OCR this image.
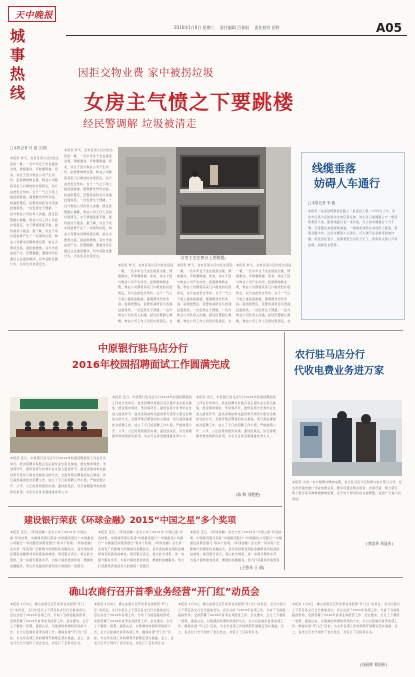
天中晚报
城事热线
2016年1月6日 星期三 责任编辑 吕春阳 责任校对 田野	A05
因拒交物业费 家中被拐垃圾
女房主气愤之下要跳楼
经民警调解 垃圾被清走
□本报记者 吕 超 文/图
本报讯 昨天，在市区某小区内发生惊险一幕，一名中年女子坐在楼顶边缘，情绪激动，声称要跳楼。原来，该女子因与物业公司产生纠纷，拒绝缴纳物业费，物业公司便将其家门口堆放的垃圾拐走，双方由此发生争执。女子一气之下爬上楼顶欲跳楼，围观群众纷纷劝说。接到报警后，民警和消防官兵迅速赶到现场，一边安抚女子情绪，一边与物业公司负责人沟通。经过民警耐心调解，物业公司工作人员将垃圾清走，女子情绪逐渐平稳，最终被劝下楼顶。据了解，该女子家中因装修产生了一些建筑垃圾，物业公司要求其缴纳清运费，她认为费用过高，遂拒绝缴纳，双方矛盾由此产生。民警提醒，遇到纠纷应通过合法途径解决，切勿采取过激行为，以免危及自身安全。
本报讯 昨天，在市区某小区内发生惊险一幕，一名中年女子坐在楼顶边缘，情绪激动，声称要跳楼。原来，该女子因与物业公司产生纠纷，拒绝缴纳物业费，物业公司便将其家门口堆放的垃圾拐走，双方由此发生争执。女子一气之下爬上楼顶欲跳楼，围观群众纷纷劝说。接到报警后，民警和消防官兵迅速赶到现场，一边安抚女子情绪，一边与物业公司负责人沟通。经过民警耐心调解，物业公司工作人员将垃圾清走，女子情绪逐渐平稳，最终被劝下楼顶。据了解，该女子家中因装修产生了一些建筑垃圾，物业公司要求其缴纳清运费，她认为费用过高，遂拒绝缴纳，双方矛盾由此产生。民警提醒，遇到纠纷应通过合法途径解决，切勿采取过激行为，以免危及自身安全。	女房主坐在窗台上要跳楼。
本报讯 昨天，在市区某小区内发生惊险一幕，一名中年女子坐在楼顶边缘，情绪激动，声称要跳楼。原来，该女子因与物业公司产生纠纷，拒绝缴纳物业费，物业公司便将其家门口堆放的垃圾拐走，双方由此发生争执。女子一气之下爬上楼顶欲跳楼，围观群众纷纷劝说。接到报警后，民警和消防官兵迅速赶到现场，一边安抚女子情绪，一边与物业公司负责人沟通。经过民警耐心调解，物业公司工作人员将垃圾清走，女
本报讯 昨天，在市区某小区内发生惊险一幕，一名中年女子坐在楼顶边缘，情绪激动，声称要跳楼。原来，该女子因与物业公司产生纠纷，拒绝缴纳物业费，物业公司便将其家门口堆放的垃圾拐走，双方由此发生争执。女子一气之下爬上楼顶欲跳楼，围观群众纷纷劝说。接到报警后，民警和消防官兵迅速赶到现场，一边安抚女子情绪，一边与物业公司负责人沟通。经过民警耐心调解，物业公司工作人员将垃圾清走，女
本报讯 昨天，在市区某小区内发生惊险一幕，一名中年女子坐在楼顶边缘，情绪激动，声称要跳楼。原来，该女子因与物业公司产生纠纷，拒绝缴纳物业费，物业公司便将其家门口堆放的垃圾拐走，双方由此发生争执。女子一气之下爬上楼顶欲跳楼，围观群众纷纷劝说。接到报警后，民警和消防官兵迅速赶到现场，一边安抚女子情绪，一边与物业公司负责人沟通。经过民警耐心调解，物业公司工作人员将垃圾清走，女
线缆垂落
妨碍人车通行
□本报记者 李 鑫
本报讯 “这条线缆垂落在路上一直没有人管。”1月5日上午，家住市区某小区的杨先生向记者反映，该小区门前道路上方一根线缆垂落下来，距离地面只有一米多高，行人和车辆通行十分不便。记者随后来到现场看到，一根黑色线缆从电线杆上脱落，垂落在路中央，过往车辆需小心绕行，行人稍不注意就可能被绊倒。附近居民表示，线缆垂落已有好几天了，希望有关部门尽快处理，消除安全隐患。
中原银行驻马店分行
2016年校园招聘面试工作圆满完成
本报讯 近日，中原银行驻马店分行2016年校园招聘面试工作在行内举行。此次招聘共有数百名应届毕业生报名参加，经过网申筛选、笔试等环节，最终有部分优秀毕业生进入面试环节。面试采取结构化面试和无领导小组讨论相结合的方式，全面考察应聘者的综合素质。该行高度重视此次招聘工作，成立了专门的招聘工作小组，严格按照公开、公平、公正的原则组织实施。面试结束后，该行将根据考核结果择优录用，为全行业务发展储备优秀人才。
本报讯 近日，中原银行驻马店分行2016年校园招聘面试工作在行内举行。此次招聘共有数百名应届毕业生报名参加，经过网申筛选、笔试等环节，最终有部分优秀毕业生进入面试环节。面试采取结构化面试和无领导小组讨论相结合的方式，全面考察应聘者的综合素质。该行高度重视此次招聘工作，成立了专门的招聘工作小组，严格按照公开、公平、公正的原则组织实施。面试结束后，该行将根据考核结果择优录用，为全行业务发展储备优秀人才。
本报讯 近日，中原银行驻马店分行2016年校园招聘面试工作在行内举行。此次招聘共有数百名应届毕业生报名参加，经过网申筛选、笔试等环节，最终有部分优秀毕业生进入面试环节。面试采取结构化面试和无领导小组讨论相结合的方式，全面考察应聘者的综合素质。该行高度重视此次招聘工作，成立了专门的招聘工作小组，严格按照公开、公平、公正的原则组织实施。面试结束后，该行将根据考核结果择优录用，为全行业务发展储备优秀人才。
(陈 辉 刘艳艳)
农行驻马店分行
代收电费业务进万家
本报讯 为进一步方便群众缴纳电费，农行驻马店分行积极与电力部门合作，在全市范围内推广代收电费业务，群众可通过网点柜台、自助设备、网上银行、掌上银行等多种渠道缴纳电费，足不出户即可轻松完成缴费，受到广大客户的欢迎。
(李国华 刘显庆)
建设银行荣获《环球金融》2015“中国之星”多个奖项
本报讯 近日，《环球金融》杂志公布了2015年“中国之星”评选结果，中国建设银行荣获“中国最佳银行”“中国最佳公司银行”“中国最佳消费者银行”等多个奖项。《环球金融》杂志是一家具有广泛影响力的国际性金融杂志，其评选结果在国际金融界具有较高的权威性。建设银行表示，将以此为契机，进一步提升服务水平，为客户提供更加优质、便捷的金融服务，努力打造最具价值创造力的国际一流银行。
本报讯 近日，《环球金融》杂志公布了2015年“中国之星”评选结果，中国建设银行荣获“中国最佳银行”“中国最佳公司银行”“中国最佳消费者银行”等多个奖项。《环球金融》杂志是一家具有广泛影响力的国际性金融杂志，其评选结果在国际金融界具有较高的权威性。建设银行表示，将以此为契机，进一步提升服务水平，为客户提供更加优质、便捷的金融服务，努力打造最具价值创造力的国际一流银行。
本报讯 近日，《环球金融》杂志公布了2015年“中国之星”评选结果，中国建设银行荣获“中国最佳银行”“中国最佳公司银行”“中国最佳消费者银行”等多个奖项。《环球金融》杂志是一家具有广泛影响力的国际性金融杂志，其评选结果在国际金融界具有较高的权威性。建设银行表示，将以此为契机，进一步提升服务水平，为客户提供更加优质、便捷的金融服务，努力打造最具价值创造
(王曾录 王 倩)
确山农商行召开首季业务经营“开门红”动员会
本报讯 1月4日，确山农商行召开首季业务经营“开门红”动员会，全行中层以上干部及各支行行长参加会议。会议总结了2015年各项工作，分析了当前面临的形势，安排部署了2016年首季业务经营工作。会议要求，全行上下要统一思想，提高认识，以饱满的热情和昂扬的斗志，全力以赴做好首季各项工作，确保实现“开门红”目标，为全年各项工作的顺利开展奠定坚实基础。会上，各支行行长分别作了表态发言，并签订了目标责任书。
本报讯 1月4日，确山农商行召开首季业务经营“开门红”动员会，全行中层以上干部及各支行行长参加会议。会议总结了2015年各项工作，分析了当前面临的形势，安排部署了2016年首季业务经营工作。会议要求，全行上下要统一思想，提高认识，以饱满的热情和昂扬的斗志，全力以赴做好首季各项工作，确保实现“开门红”目标，为全年各项工作的顺利开展奠定坚实基础。会上，各支行行长分别作了表态发言，并签订了目标责任书。
本报讯 1月4日，确山农商行召开首季业务经营“开门红”动员会，全行中层以上干部及各支行行长参加会议。会议总结了2015年各项工作，分析了当前面临的形势，安排部署了2016年首季业务经营工作。会议要求，全行上下要统一思想，提高认识，以饱满的热情和昂扬的斗志，全力以赴做好首季各项工作，确保实现“开门红”目标，为全年各项工作的顺利开展奠定坚实基础。会上，各支行行长分别作了表态发言，并签订了目标责任书。
本报讯 1月4日，确山农商行召开首季业务经营“开门红”动员会，全行中层以上干部及各支行行长参加会议。会议总结了2015年各项工作，分析了当前面临的形势，安排部署了2016年首季业务经营工作。会议要求，全行上下要统一思想，提高认识，以饱满的热情和昂扬的斗志，全力以赴做好首季各项工作，确保实现“开门红”目标，为全年各项工作的顺利开展奠定坚实基础。会上，各支行行长分别作了表态发言，并签订了目标责任书。
(苏丽婷 郑国伟)
